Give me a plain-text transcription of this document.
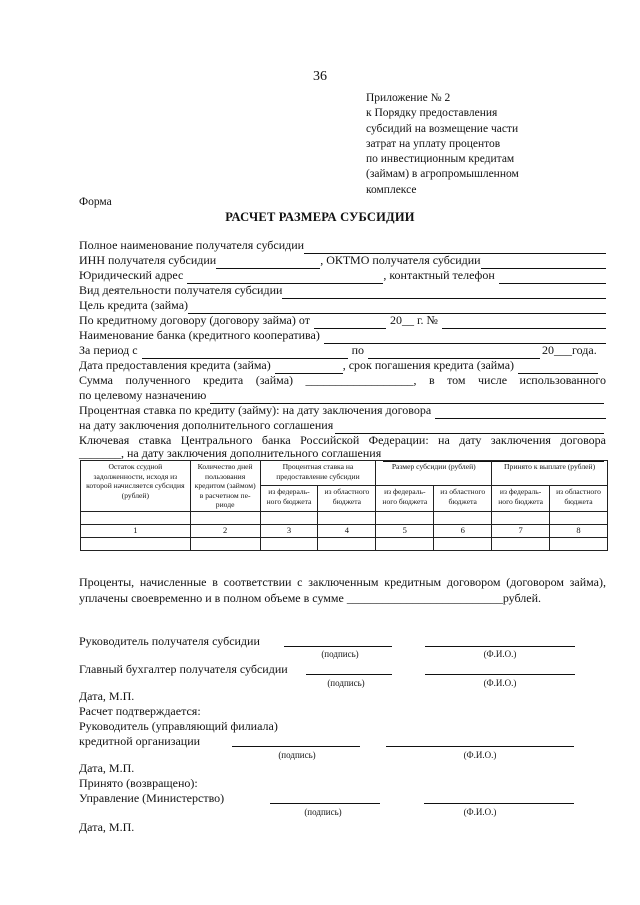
36
Приложение № 2
к Порядку предоставления
субсидий на возмещение части
затрат на уплату процентов
по инвестиционным кредитам
(займам) в агропромышленном
комплексе
Форма
РАСЧЕТ РАЗМЕРА СУБСИДИИ
Полное наименование получателя субсидии
ИНН получателя субсидии	, ОКТМО получателя субсидии
Юридический адрес	, контактный телефон
Вид деятельности получателя субсидии
Цель кредита (займа)
По кредитному договору (договору займа) от	20__ г. №
Наименование банка (кредитного кооператива)
За период с	по	20___года.
Дата предоставления кредита (займа)	, срок погашения кредита (займа)
Сумма полученного кредита (займа) __________________, в том числе использованного
по целевому назначению
Процентная ставка по кредиту (займу): на дату заключения договора
на дату заключения дополнительного соглашения
Ключевая ставка Центрального банка Российской Федерации: на дату заключения договора
_______, на дату заключения дополнительного соглашения
Остаток ссудной задолженности, исходя из которой начисляется субсидия (рублей)	Количество дней пользования кредитом (займом) в расчетном пе-риоде	Процентная ставка на предоставление субсидии		Размер субсидии (рублей)		Принято к выплате (рублей)	
		из федераль-ного бюджета	из областного бюджета	из федераль-ного бюджета	из областного бюджета	из федераль-ного бюджета	из областного бюджета

1	2	3	4	5	6	7	8

Проценты, начисленные в соответствии с заключенным кредитным договором (договором займа), уплачены своевременно и в полном объеме в сумме __________________________рублей.
Руководитель получателя субсидии
(подпись)	(Ф.И.О.)
Главный бухгалтер получателя субсидии
(подпись)	(Ф.И.О.)
Дата, М.П.
Расчет подтверждается:
Руководитель (управляющий филиала)
кредитной организации
(подпись)	(Ф.И.О.)
Дата, М.П.
Принято (возвращено):
Управление (Министерство)
(подпись)	(Ф.И.О.)
Дата, М.П.
